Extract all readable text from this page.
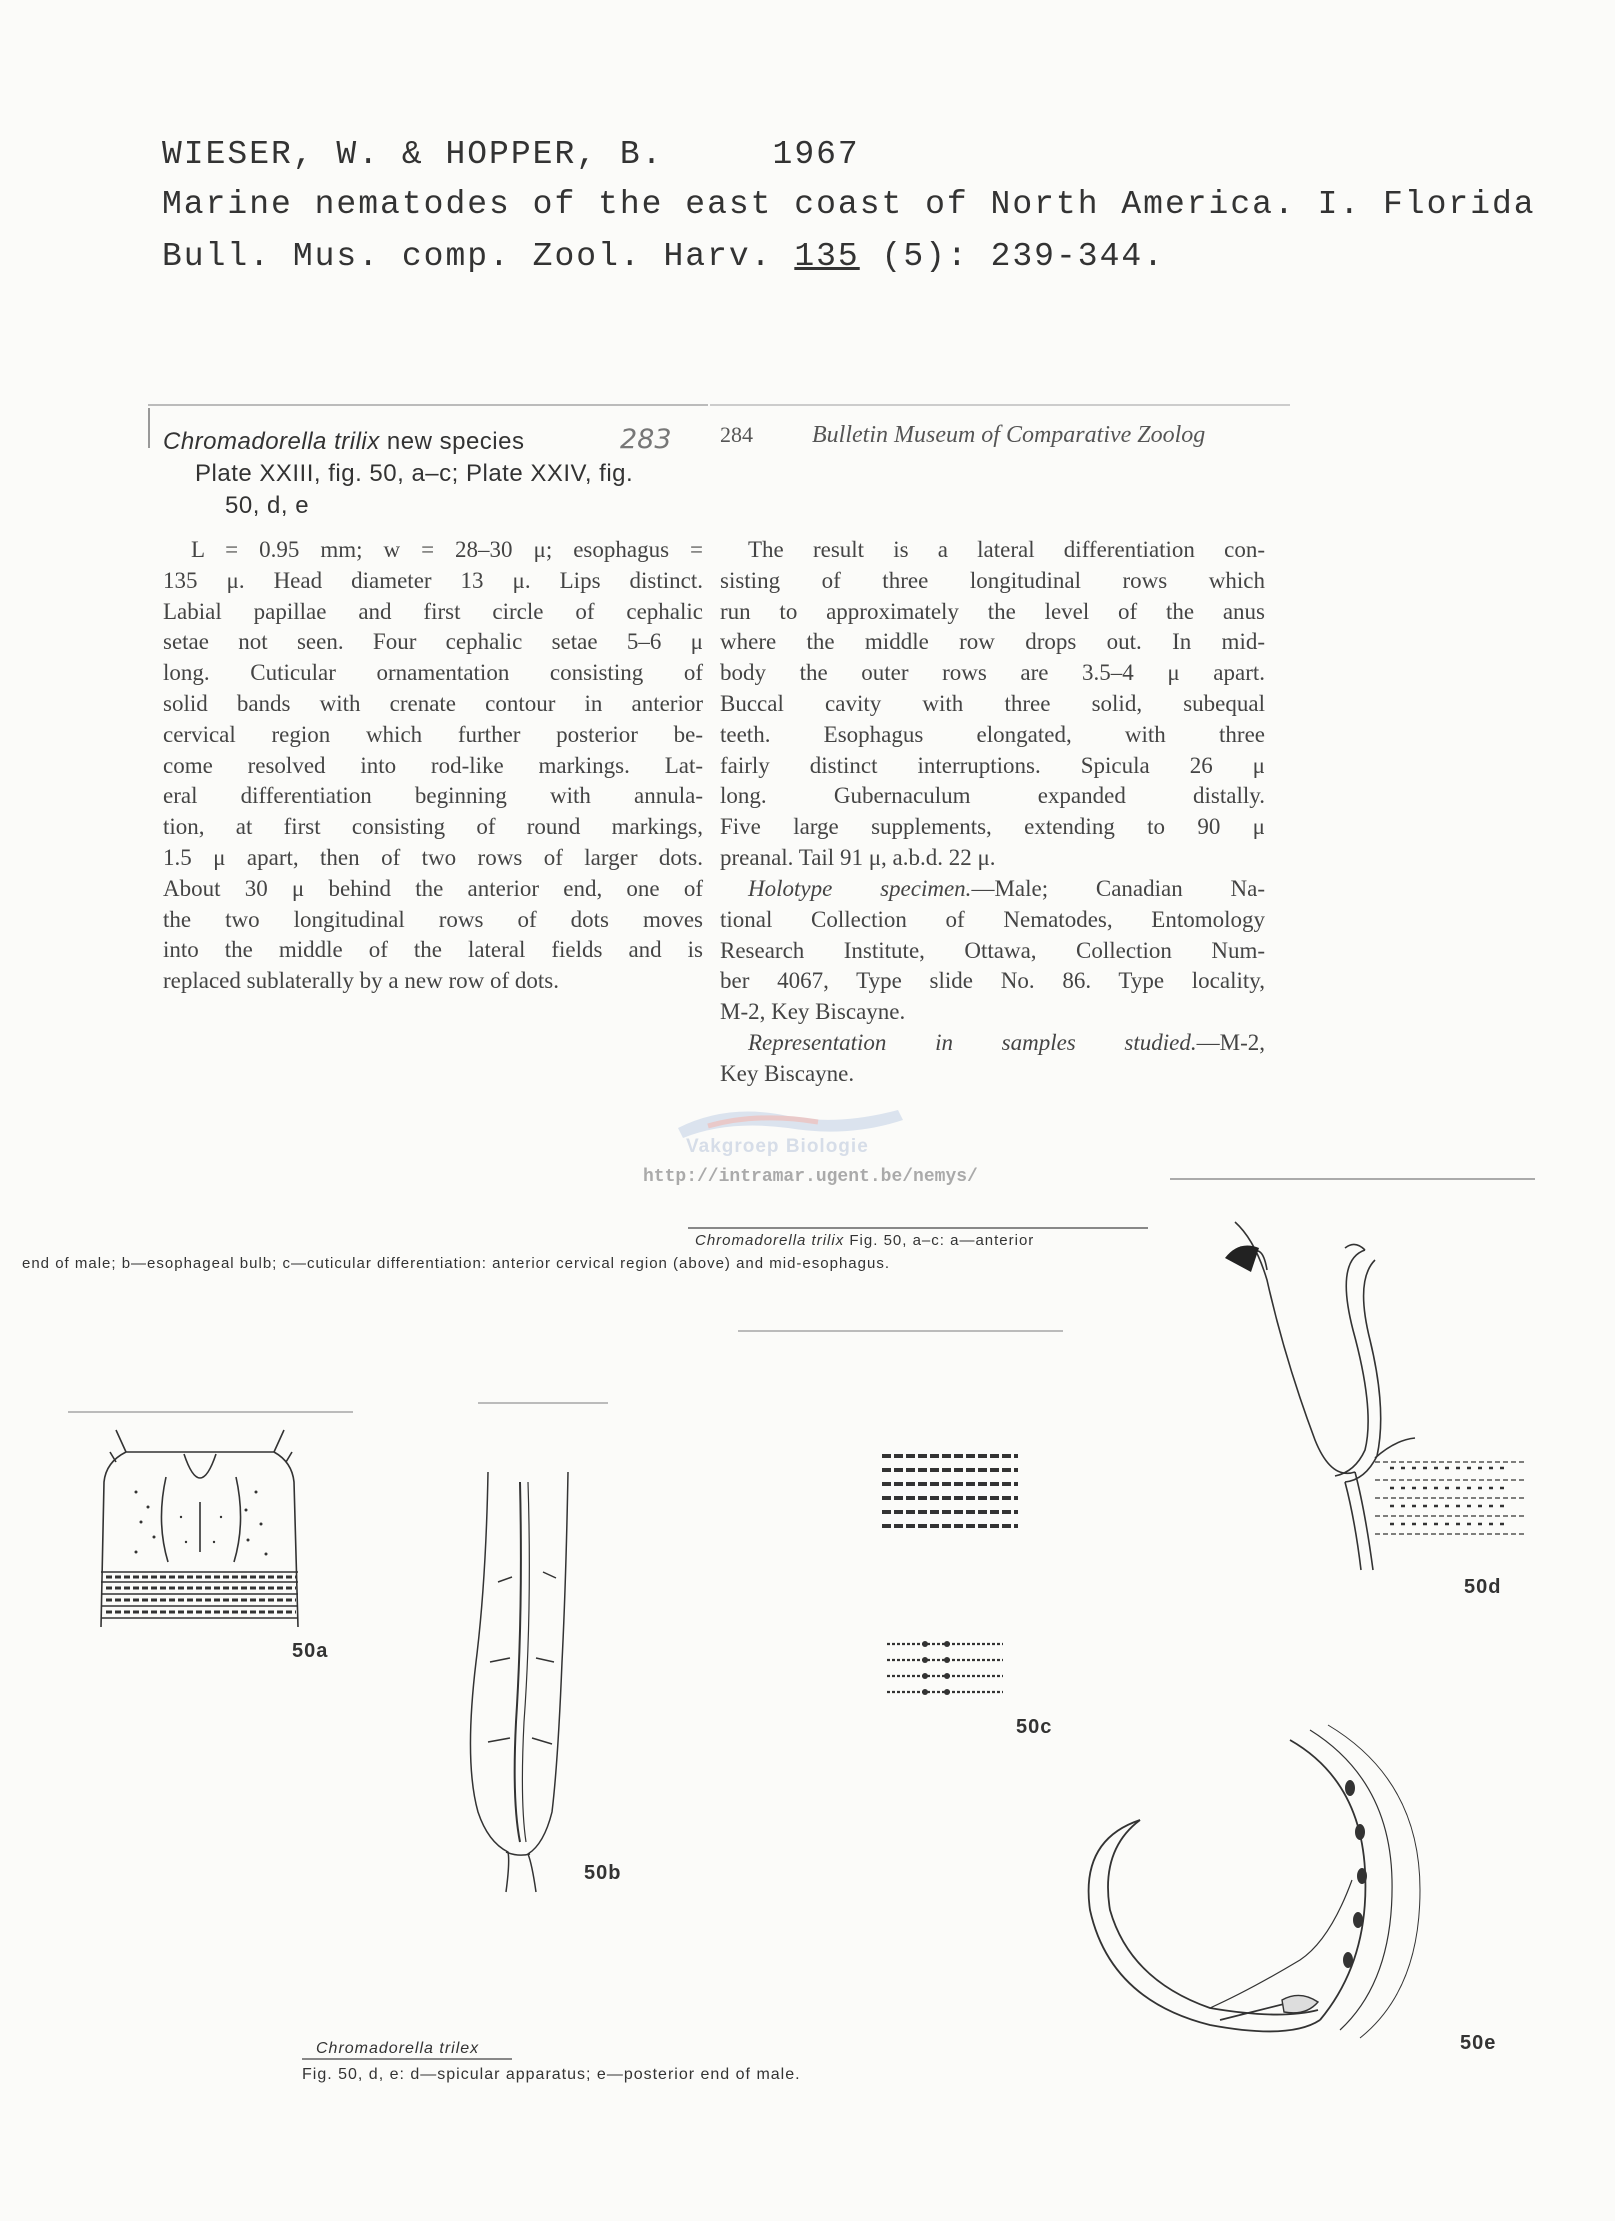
WIESER, W. & HOPPER, B.	1967
Marine nematodes of the east coast of North America. I. Florida
Bull. Mus. comp. Zool. Harv. 135 (5): 239-344.
Chromadorella trilix new species	283
Plate XXIII, fig. 50, a–c; Plate XXIV, fig.
50, d, e

L = 0.95 mm; w = 28–30 μ; esophagus =

135 μ. Head diameter 13 μ. Lips distinct.

Labial papillae and first circle of cephalic

setae not seen. Four cephalic setae 5–6 μ

long. Cuticular ornamentation consisting of

solid bands with crenate contour in anterior

cervical region which further posterior be-

come resolved into rod-like markings. Lat-

eral differentiation beginning with annula-

tion, at first consisting of round markings,

1.5 μ apart, then of two rows of larger dots.

About 30 μ behind the anterior end, one of

the two longitudinal rows of dots moves

into the middle of the lateral fields and is

replaced sublaterally by a new row of dots.

284 Bulletin Museum of Comparative Zoolog

The result is a lateral differentiation con-

sisting of three longitudinal rows which

run to approximately the level of the anus

where the middle row drops out. In mid-

body the outer rows are 3.5–4 μ apart.

Buccal cavity with three solid, subequal

teeth. Esophagus elongated, with three

fairly distinct interruptions. Spicula 26 μ

long. Gubernaculum expanded distally.

Five large supplements, extending to 90 μ

preanal. Tail 91 μ, a.b.d. 22 μ.

Holotype specimen.—Male; Canadian Na-

tional Collection of Nematodes, Entomology

Research Institute, Ottawa, Collection Num-

ber 4067, Type slide No. 86. Type locality,

M-2, Key Biscayne.

Representation in samples studied.—M-2,

Key Biscayne.

Vakgroep Biologie
http://intramar.ugent.be/nemys/
Chromadorella trilix Fig. 50, a–c: a—anterior
end of male; b—esophageal bulb; c—cuticular differentiation: anterior cervical region (above) and mid-esophagus.
50a
50b
50c
50d
50e
Chromadorella trilex
Fig. 50, d, e: d—spicular apparatus; e—posterior end of male.
